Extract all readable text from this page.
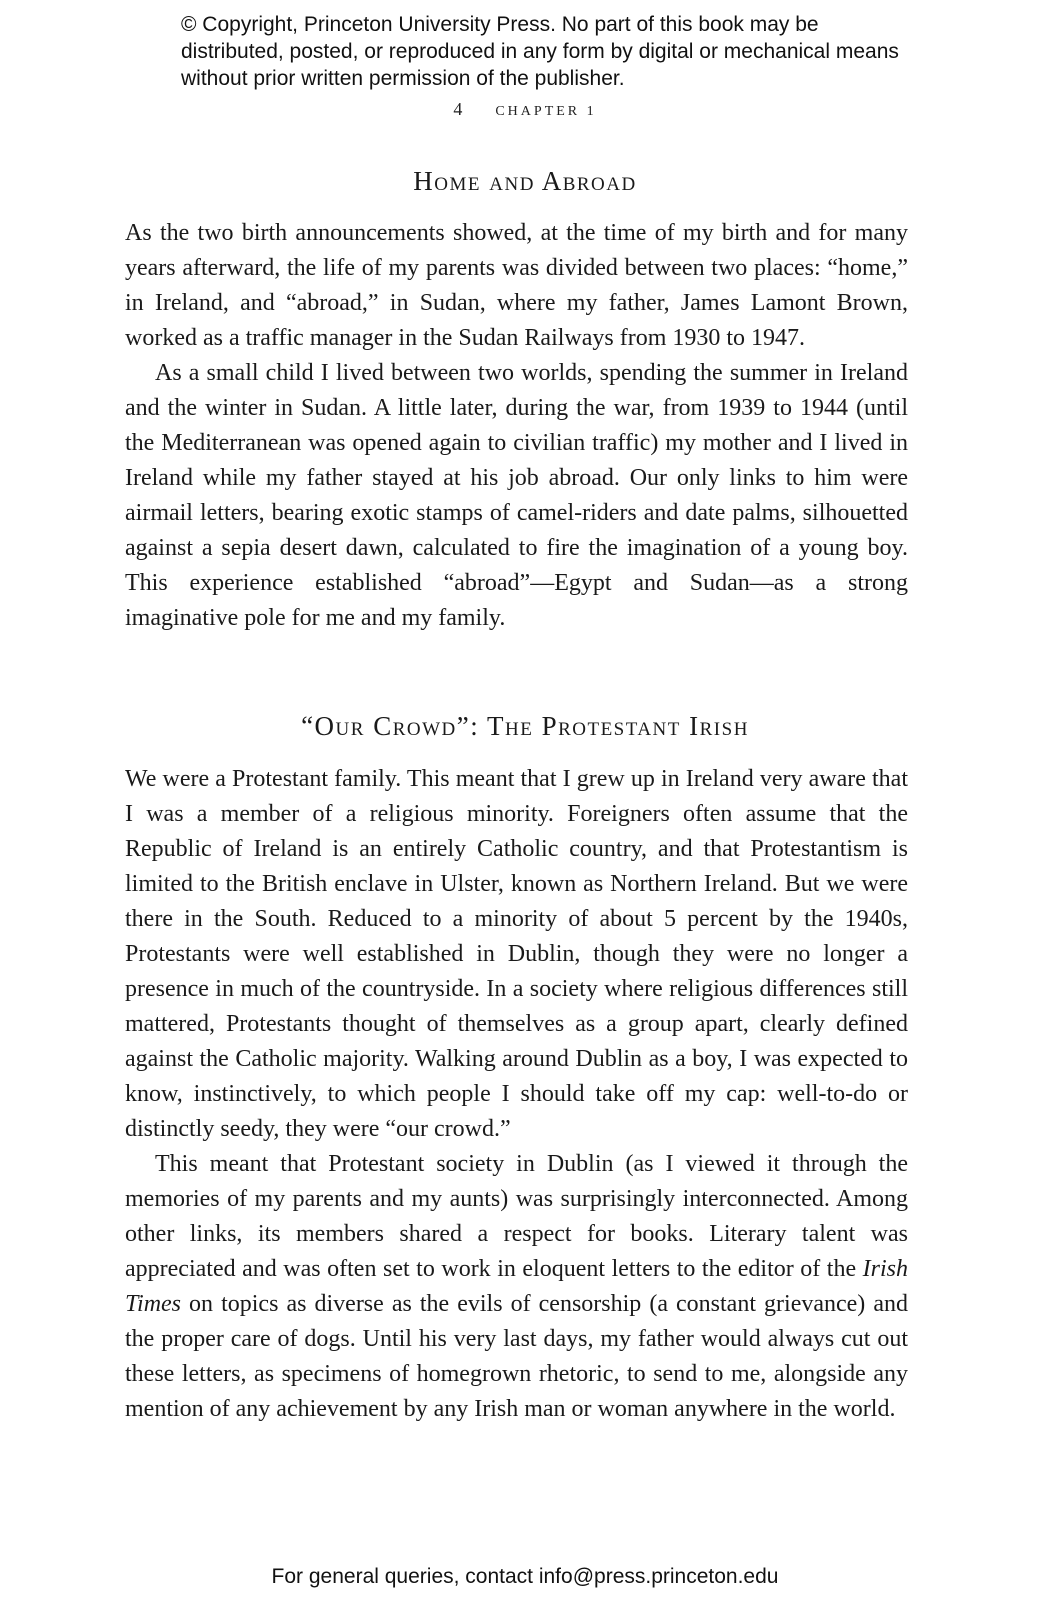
© Copyright, Princeton University Press. No part of this book may be distributed, posted, or reproduced in any form by digital or mechanical means without prior written permission of the publisher.
4 CHAPTER 1
Home and Abroad

As the two birth announcements showed, at the time of my birth and for many years afterward, the life of my parents was divided between two places: “home,” in Ireland, and “abroad,” in Sudan, where my father, James Lamont Brown, worked as a traffic manager in the Sudan Railways from 1930 to 1947.

As a small child I lived between two worlds, spending the summer in Ireland and the winter in Sudan. A little later, during the war, from 1939 to 1944 (until the Mediterranean was opened again to civilian traffic) my mother and I lived in Ireland while my father stayed at his job abroad. Our only links to him were airmail letters, bearing exotic stamps of camel-riders and date palms, silhouetted against a sepia desert dawn, calculated to fire the imagination of a young boy. This experience established “abroad”—Egypt and Sudan—as a strong imaginative pole for me and my family.

“Our Crowd”: The Protestant Irish

We were a Protestant family. This meant that I grew up in Ireland very aware that I was a member of a religious minority. Foreigners often assume that the Republic of Ireland is an entirely Catholic country, and that Protestantism is limited to the British enclave in Ulster, known as Northern Ireland. But we were there in the South. Reduced to a minority of about 5 percent by the 1940s, Protestants were well established in Dublin, though they were no longer a presence in much of the countryside. In a society where religious differences still mattered, Protestants thought of themselves as a group apart, clearly defined against the Catholic majority. Walking around Dublin as a boy, I was expected to know, instinctively, to which people I should take off my cap: well-to-do or distinctly seedy, they were “our crowd.”

This meant that Protestant society in Dublin (as I viewed it through the memories of my parents and my aunts) was surprisingly interconnected. Among other links, its members shared a respect for books. Literary talent was appreciated and was often set to work in eloquent letters to the editor of the Irish Times on topics as diverse as the evils of censorship (a constant grievance) and the proper care of dogs. Until his very last days, my father would always cut out these letters, as specimens of homegrown rhetoric, to send to me, alongside any mention of any achievement by any Irish man or woman anywhere in the world.

For general queries, contact info@press.princeton.edu
